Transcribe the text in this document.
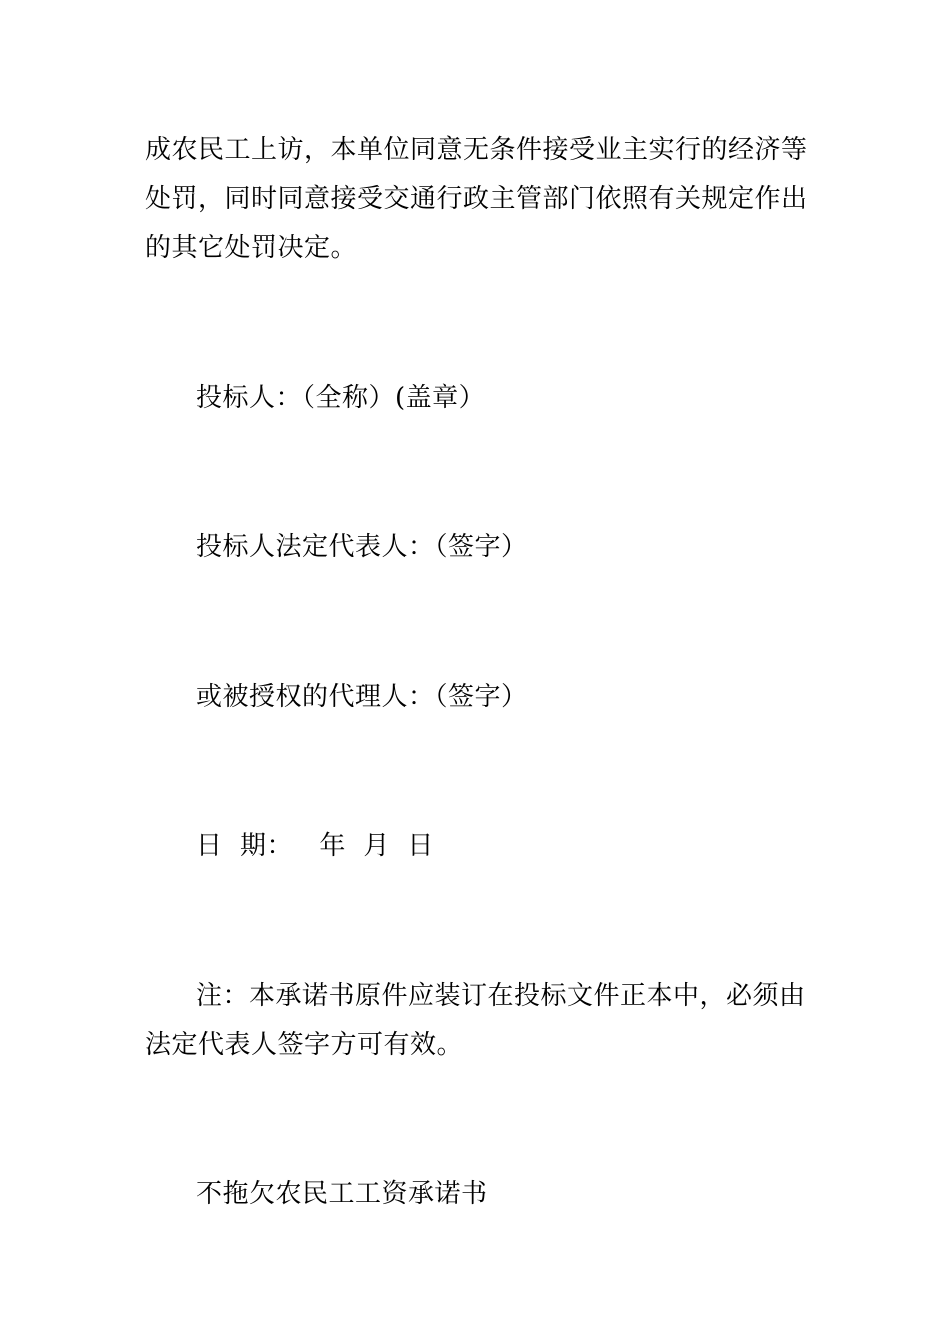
成农民工上访，本单位同意无条件接受业主实行的经济等
处罚，同时同意接受交通行政主管部门依照有关规定作出
的其它处罚决定。
投标人：（全称）(盖章）
投标人法定代表人：（签字）
或被授权的代理人：（签字）
日  期：   年  月  日
注：本承诺书原件应装订在投标文件正本中，必须由
法定代表人签字方可有效。
不拖欠农民工工资承诺书
